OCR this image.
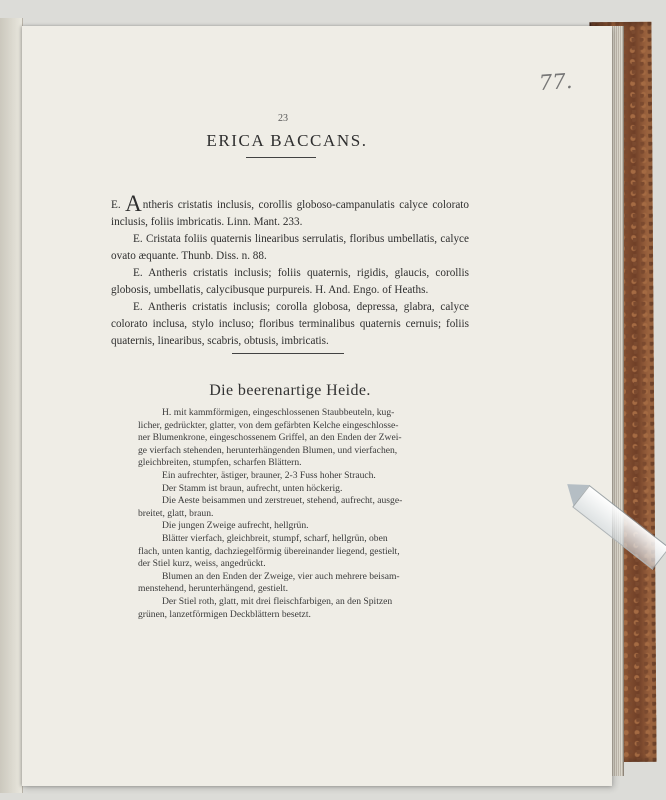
77.
23
ERICA BACCANS.

E. Antheris cristatis inclusis, corollis globoso-campanulatis calyce colorato inclusis, foliis imbricatis. Linn. Mant. 233.

E. Cristata foliis quaternis linearibus serrulatis, floribus umbellatis, calyce ovato æquante. Thunb. Diss. n. 88.

E. Antheris cristatis inclusis; foliis quaternis, rigidis, glaucis, corollis globosis, umbellatis, calycibusque purpureis. H. And. Engo. of Heaths.

E. Antheris cristatis inclusis; corolla globosa, depressa, glabra, calyce colorato inclusa, stylo incluso; floribus terminalibus quaternis cernuis; foliis quaternis, linearibus, scabris, obtusis, imbricatis.

Die beerenartige Heide.
H. mit kammförmigen, eingeschlossenen Staubbeuteln, kug-
licher, gedrückter, glatter, von dem gefärbten Kelche eingeschlosse-
ner Blumenkrone, eingeschossenem Griffel, an den Enden der Zwei-
ge vierfach stehenden, herunterhängenden Blumen, und vierfachen,
gleichbreiten, stumpfen, scharfen Blättern.
Ein aufrechter, ästiger, brauner, 2-3 Fuss hoher Strauch.
Der Stamm ist braun, aufrecht, unten höckerig.
Die Aeste beisammen und zerstreuet, stehend, aufrecht, ausge-
breitet, glatt, braun.
Die jungen Zweige aufrecht, hellgrün.
Blätter vierfach, gleichbreit, stumpf, scharf, hellgrün, oben
flach, unten kantig, dachziegelförmig übereinander liegend, gestielt,
der Stiel kurz, weiss, angedrückt.
Blumen an den Enden der Zweige, vier auch mehrere beisam-
menstehend, herunterhängend, gestielt.
Der Stiel roth, glatt, mit drei fleischfarbigen, an den Spitzen
grünen, lanzetförmigen Deckblättern besetzt.
